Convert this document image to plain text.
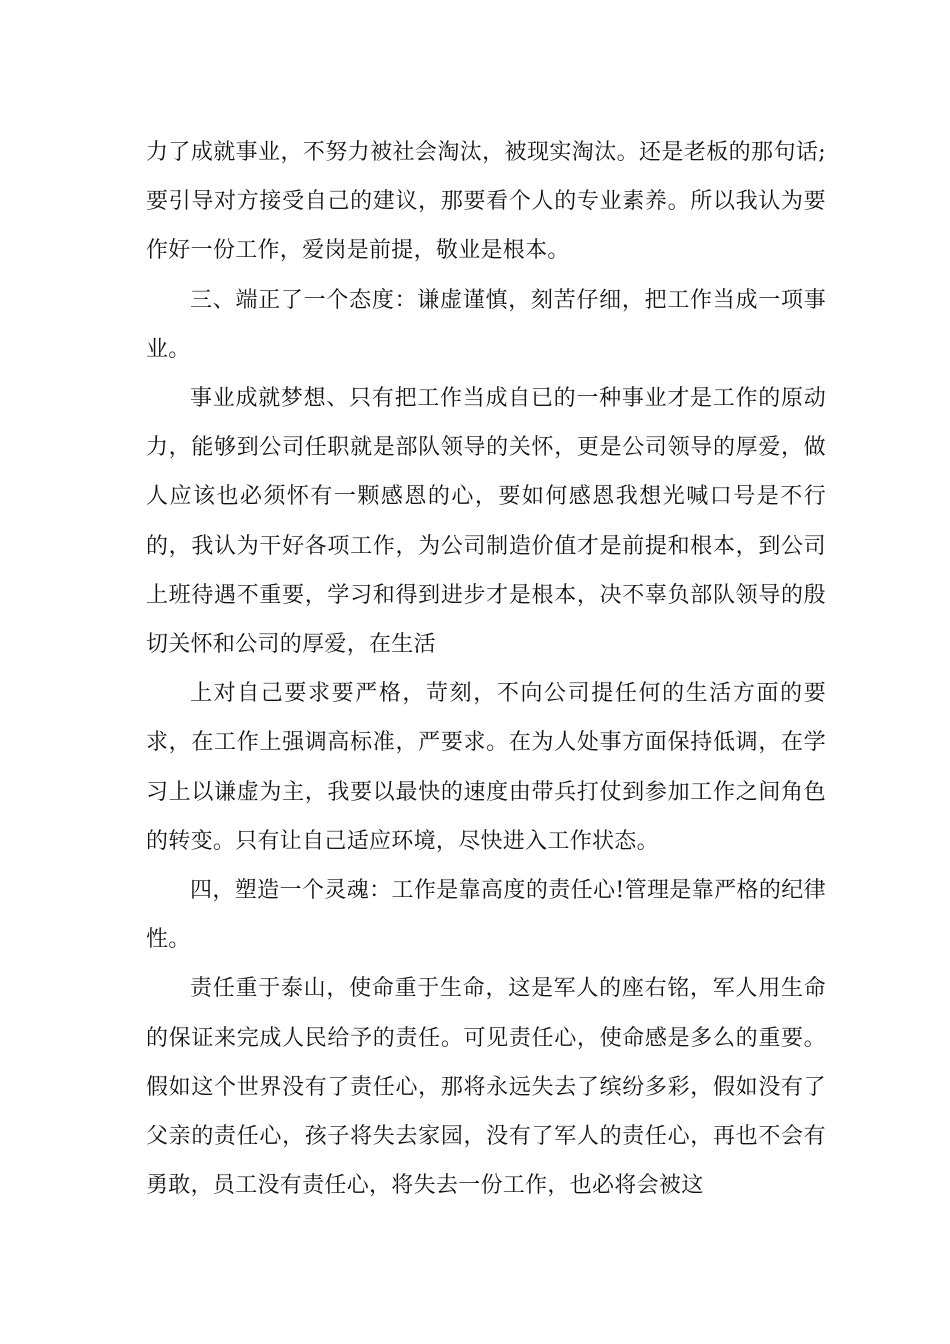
力了成就事业，不努力被社会淘汰，被现实淘汰。还是老板的那句话;要引导对方接受自己的建议，那要看个人的专业素养。所以我认为要作好一份工作，爱岗是前提，敬业是根本。

三、端正了一个态度：谦虚谨慎，刻苦仔细，把工作当成一项事业。

事业成就梦想、只有把工作当成自已的一种事业才是工作的原动力，能够到公司任职就是部队领导的关怀，更是公司领导的厚爱，做人应该也必须怀有一颗感恩的心，要如何感恩我想光喊口号是不行的，我认为干好各项工作，为公司制造价值才是前提和根本，到公司上班待遇不重要，学习和得到进步才是根本，决不辜负部队领导的殷切关怀和公司的厚爱，在生活

上对自己要求要严格，苛刻，不向公司提任何的生活方面的要求，在工作上强调高标准，严要求。在为人处事方面保持低调，在学习上以谦虚为主，我要以最快的速度由带兵打仗到参加工作之间角色的转变。只有让自己适应环境，尽快进入工作状态。

四，塑造一个灵魂：工作是靠高度的责任心!管理是靠严格的纪律性。

责任重于泰山，使命重于生命，这是军人的座右铭，军人用生命的保证来完成人民给予的责任。可见责任心，使命感是多么的重要。假如这个世界没有了责任心，那将永远失去了缤纷多彩，假如没有了父亲的责任心，孩子将失去家园，没有了军人的责任心，再也不会有勇敢，员工没有责任心，将失去一份工作，也必将会被这
